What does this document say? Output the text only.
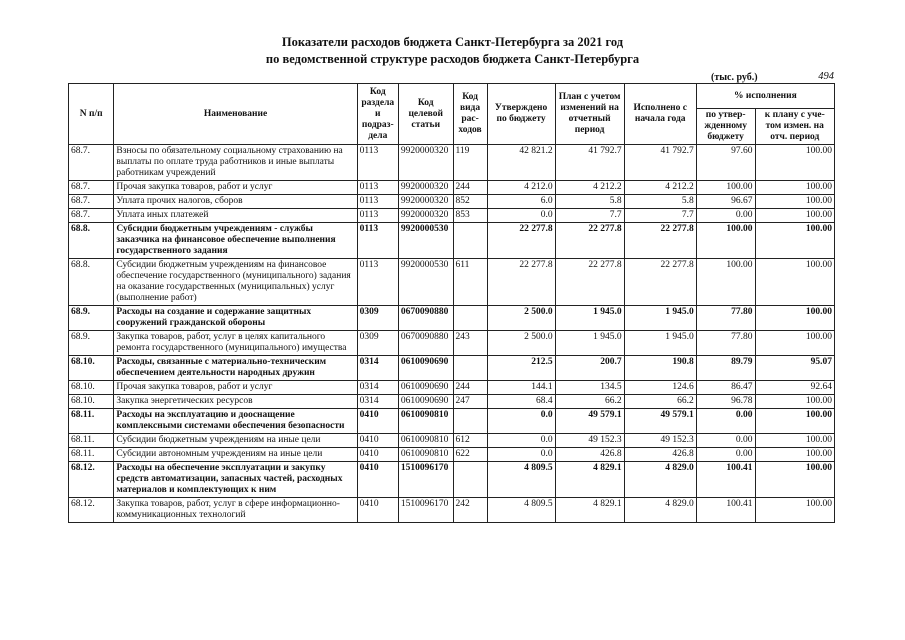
Показатели расходов бюджета Санкт-Петербурга за 2021 год
по ведомственной структуре расходов бюджета Санкт-Петербурга
(тыс. руб.)	494
N п/п	Наименование	Код раздела и подраз-дела	Код целевой статьи	Код вида рас-ходов	Утверждено по бюджету	План с учетом изменений на отчетный период	Исполнено с начала года	% исполнения	
								по утвер-жденному бюджету	к плану с уче-том измен. на отч. период
68.7.	Взносы по обязательному социальному страхованию на выплаты по оплате труда работников и иные выплаты работникам учреждений	0113	9920000320	119	42 821.2	41 792.7	41 792.7	97.60	100.00
68.7.	Прочая закупка товаров, работ и услуг	0113	9920000320	244	4 212.0	4 212.2	4 212.2	100.00	100.00
68.7.	Уплата прочих налогов, сборов	0113	9920000320	852	6.0	5.8	5.8	96.67	100.00
68.7.	Уплата иных платежей	0113	9920000320	853	0.0	7.7	7.7	0.00	100.00
68.8.	Субсидии бюджетным учреждениям - службы заказчика на финансовое обеспечение выполнения государственного задания	0113	9920000530		22 277.8	22 277.8	22 277.8	100.00	100.00
68.8.	Субсидии бюджетным учреждениям на финансовое обеспечение государственного (муниципального) задания на оказание государственных (муниципальных) услуг (выполнение работ)	0113	9920000530	611	22 277.8	22 277.8	22 277.8	100.00	100.00
68.9.	Расходы на создание и содержание защитных сооружений гражданской обороны	0309	0670090880		2 500.0	1 945.0	1 945.0	77.80	100.00
68.9.	Закупка товаров, работ, услуг в целях капитального ремонта государственного (муниципального) имущества	0309	0670090880	243	2 500.0	1 945.0	1 945.0	77.80	100.00
68.10.	Расходы, связанные с материально-техническим обеспечением деятельности народных дружин	0314	0610090690		212.5	200.7	190.8	89.79	95.07
68.10.	Прочая закупка товаров, работ и услуг	0314	0610090690	244	144.1	134.5	124.6	86.47	92.64
68.10.	Закупка энергетических ресурсов	0314	0610090690	247	68.4	66.2	66.2	96.78	100.00
68.11.	Расходы на эксплуатацию и дооснащение комплексными системами обеспечения безопасности	0410	0610090810		0.0	49 579.1	49 579.1	0.00	100.00
68.11.	Субсидии бюджетным учреждениям на иные цели	0410	0610090810	612	0.0	49 152.3	49 152.3	0.00	100.00
68.11.	Субсидии автономным учреждениям на иные цели	0410	0610090810	622	0.0	426.8	426.8	0.00	100.00
68.12.	Расходы на обеспечение эксплуатации и закупку средств автоматизации, запасных частей, расходных материалов и комплектующих к ним	0410	1510096170		4 809.5	4 829.1	4 829.0	100.41	100.00
68.12.	Закупка товаров, работ, услуг в сфере информационно-коммуникационных технологий	0410	1510096170	242	4 809.5	4 829.1	4 829.0	100.41	100.00
